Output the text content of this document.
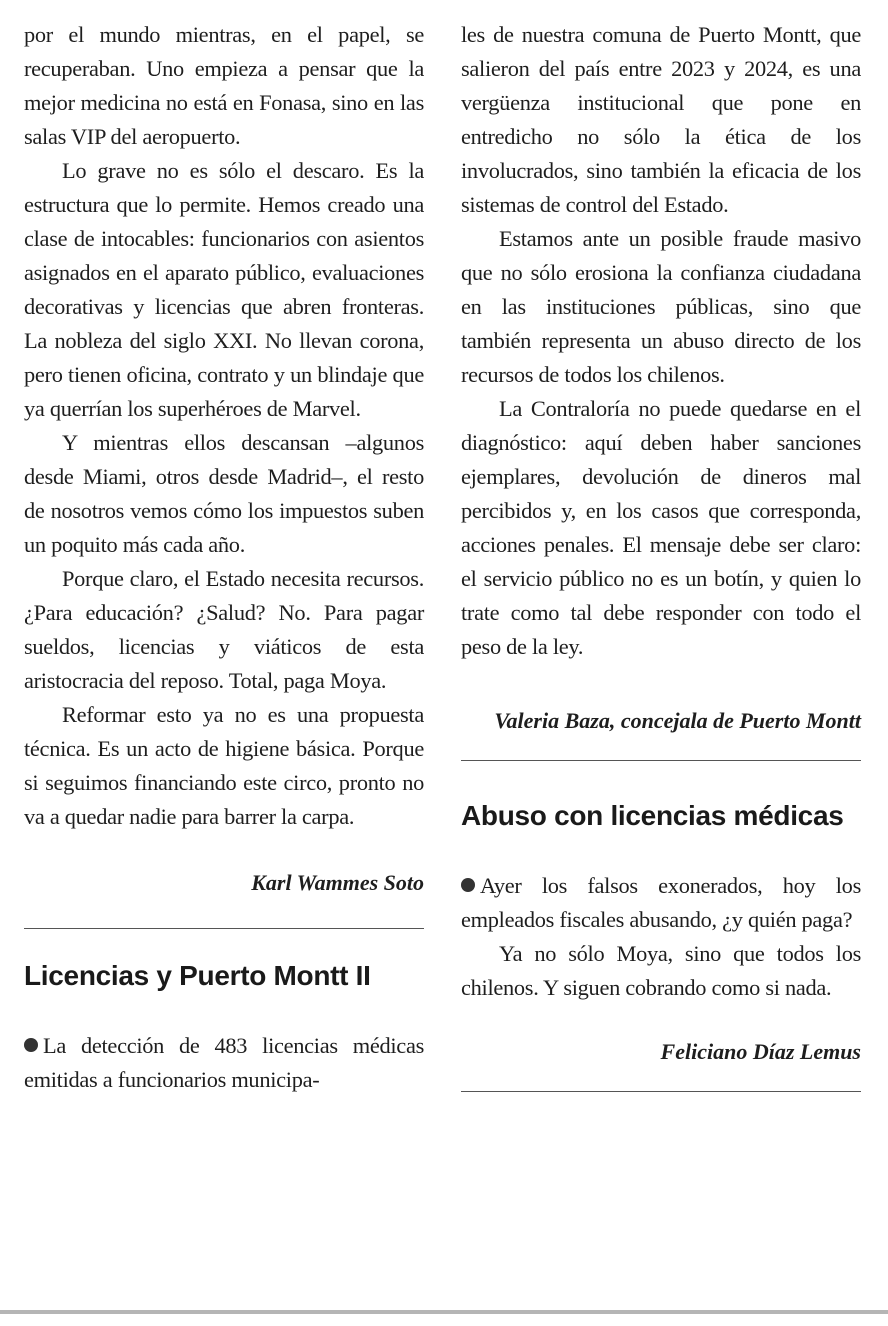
por el mundo mientras, en el papel, se recuperaban. Uno empieza a pensar que la mejor medicina no está en Fonasa, sino en las salas VIP del aeropuerto.

Lo grave no es sólo el descaro. Es la estructura que lo permite. Hemos creado una clase de intocables: funcionarios con asientos asignados en el aparato público, evaluaciones decorativas y licencias que abren fronteras. La nobleza del siglo XXI. No llevan corona, pero tienen oficina, contrato y un blindaje que ya querrían los superhéroes de Marvel.

Y mientras ellos descansan –algunos desde Miami, otros desde Madrid–, el resto de nosotros vemos cómo los impuestos suben un poquito más cada año.

Porque claro, el Estado necesita recursos. ¿Para educación? ¿Salud? No. Para pagar sueldos, licencias y viáticos de esta aristocracia del reposo. Total, paga Moya.

Reformar esto ya no es una propuesta técnica. Es un acto de higiene básica. Porque si seguimos financiando este circo, pronto no va a quedar nadie para barrer la carpa.

Karl Wammes Soto

Licencias y Puerto Montt II

La detección de 483 licencias médicas emitidas a funcionarios municipa-

les de nuestra comuna de Puerto Montt, que salieron del país entre 2023 y 2024, es una vergüenza institucional que pone en entredicho no sólo la ética de los involucrados, sino también la eficacia de los sistemas de control del Estado.

Estamos ante un posible fraude masivo que no sólo erosiona la confianza ciudadana en las instituciones públicas, sino que también representa un abuso directo de los recursos de todos los chilenos.

La Contraloría no puede quedarse en el diagnóstico: aquí deben haber sanciones ejemplares, devolución de dineros mal percibidos y, en los casos que corresponda, acciones penales. El mensaje debe ser claro: el servicio público no es un botín, y quien lo trate como tal debe responder con todo el peso de la ley.

Valeria Baza, concejala de Puerto Montt

Abuso con licencias médicas

Ayer los falsos exonerados, hoy los empleados fiscales abusando, ¿y quién paga?

Ya no sólo Moya, sino que todos los chilenos. Y siguen cobrando como si nada.

Feliciano Díaz Lemus
